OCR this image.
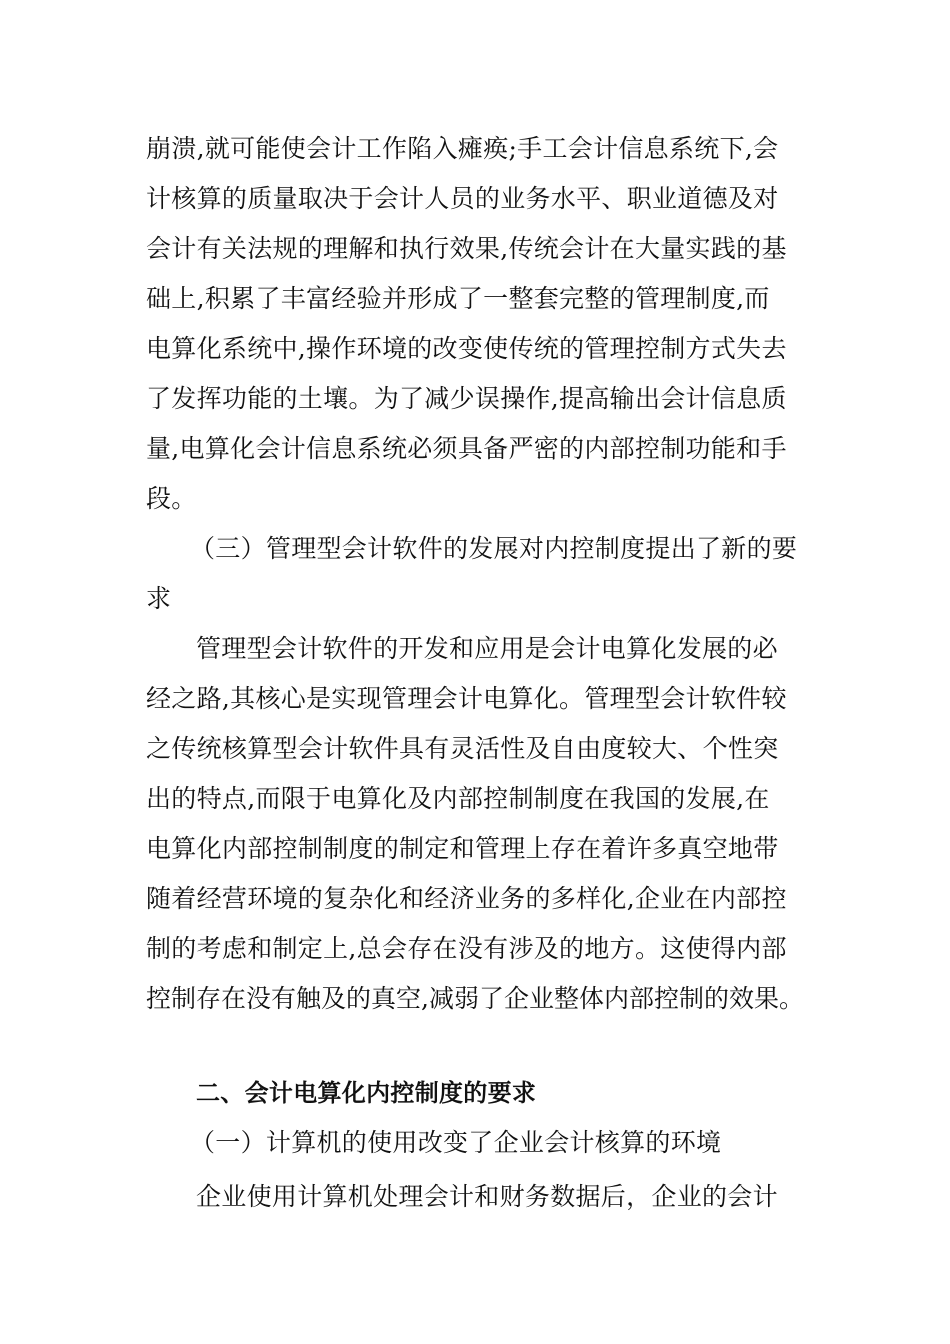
崩溃,就可能使会计工作陷入瘫痪;手工会计信息系统下,会
计核算的质量取决于会计人员的业务水平、职业道德及对
会计有关法规的理解和执行效果,传统会计在大量实践的基
础上,积累了丰富经验并形成了一整套完整的管理制度,而
电算化系统中,操作环境的改变使传统的管理控制方式失去
了发挥功能的土壤。为了减少误操作,提高输出会计信息质
量,电算化会计信息系统必须具备严密的内部控制功能和手
段。
（三）管理型会计软件的发展对内控制度提出了新的要
求
管理型会计软件的开发和应用是会计电算化发展的必
经之路,其核心是实现管理会计电算化。管理型会计软件较
之传统核算型会计软件具有灵活性及自由度较大、个性突
出的特点,而限于电算化及内部控制制度在我国的发展,在
电算化内部控制制度的制定和管理上存在着许多真空地带
随着经营环境的复杂化和经济业务的多样化,企业在内部控
制的考虑和制定上,总会存在没有涉及的地方。这使得内部
控制存在没有触及的真空,减弱了企业整体内部控制的效果。
二、会计电算化内控制度的要求
（一）计算机的使用改变了企业会计核算的环境
企业使用计算机处理会计和财务数据后，企业的会计
